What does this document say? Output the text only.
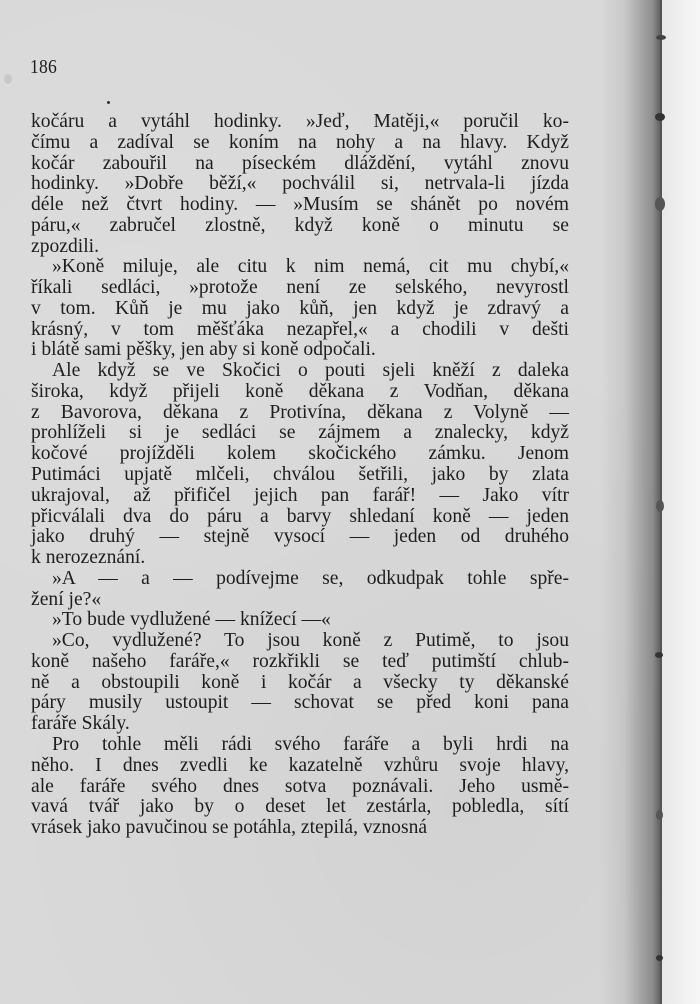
186
kočáru a vytáhl hodinky. »Jeď, Matěji,« poručil ko-
čímu a zadíval se koním na nohy a na hlavy. Když
kočár zabouřil na píseckém dláždění, vytáhl znovu
hodinky. »Dobře běží,« pochválil si, netrvala-li jízda
déle než čtvrt hodiny. — »Musím se shánět po novém
páru,« zabručel zlostně, když koně o minutu se
zpozdili.
»Koně miluje, ale citu k nim nemá, cit mu chybí,«
říkali sedláci, »protože není ze selského, nevyrostl
v tom. Kůň je mu jako kůň, jen když je zdravý a
krásný, v tom měšťáka nezapřel,« a chodili v dešti
i blátě sami pěšky, jen aby si koně odpočali.
Ale když se ve Skočici o pouti sjeli kněží z daleka
široka, když přijeli koně děkana z Vodňan, děkana
z Bavorova, děkana z Protivína, děkana z Volyně —
prohlíželi si je sedláci se zájmem a znalecky, když
kočové projížděli kolem skočického zámku. Jenom
Putimáci upjatě mlčeli, chválou šetřili, jako by zlata
ukrajoval, až přifičel jejich pan farář! — Jako vítr
přicválali dva do páru a barvy shledaní koně — jeden
jako druhý — stejně vysocí — jeden od druhého
k nerozeznání.
»A — a — podívejme se, odkudpak tohle spře-
žení je?«
»To bude vydlužené — knížecí —«
»Co, vydlužené? To jsou koně z Putimě, to jsou
koně našeho faráře,« rozkřikli se teď putimští chlub-
ně a obstoupili koně i kočár a všecky ty děkanské
páry musily ustoupit — schovat se před koni pana
faráře Skály.
Pro tohle měli rádi svého faráře a byli hrdi na
něho. I dnes zvedli ke kazatelně vzhůru svoje hlavy,
ale faráře svého dnes sotva poznávali. Jeho usmě-
vavá tvář jako by o deset let zestárla, pobledla, sítí
vrásek jako pavučinou se potáhla, ztepilá, vznosná
